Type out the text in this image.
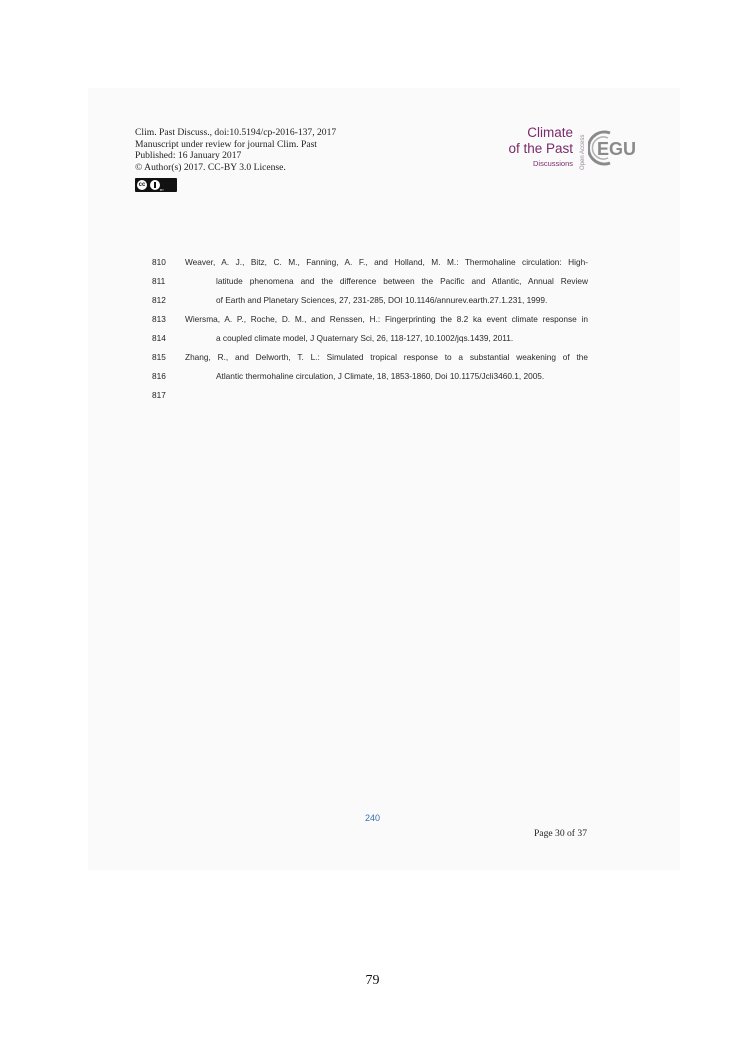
Clim. Past Discuss., doi:10.5194/cp-2016-137, 2017
Manuscript under review for journal Clim. Past
Published: 16 January 2017
© Author(s) 2017. CC-BY 3.0 License.
cc
BY
Climate
of the Past
Discussions Open Access EGU
810	Weaver, A. J., Bitz, C. M., Fanning, A. F., and Holland, M. M.: Thermohaline circulation: High-
811	latitude phenomena and the difference between the Pacific and Atlantic, Annual Review
812	of Earth and Planetary Sciences, 27, 231-285, DOI 10.1146/annurev.earth.27.1.231, 1999.
813	Wiersma, A. P., Roche, D. M., and Renssen, H.: Fingerprinting the 8.2 ka event climate response in
814	a coupled climate model, J Quaternary Sci, 26, 118-127, 10.1002/jqs.1439, 2011.
815	Zhang, R., and Delworth, T. L.: Simulated tropical response to a substantial weakening of the
816	Atlantic thermohaline circulation, J Climate, 18, 1853-1860, Doi 10.1175/Jcli3460.1, 2005.
817
240
Page 30 of 37
79
